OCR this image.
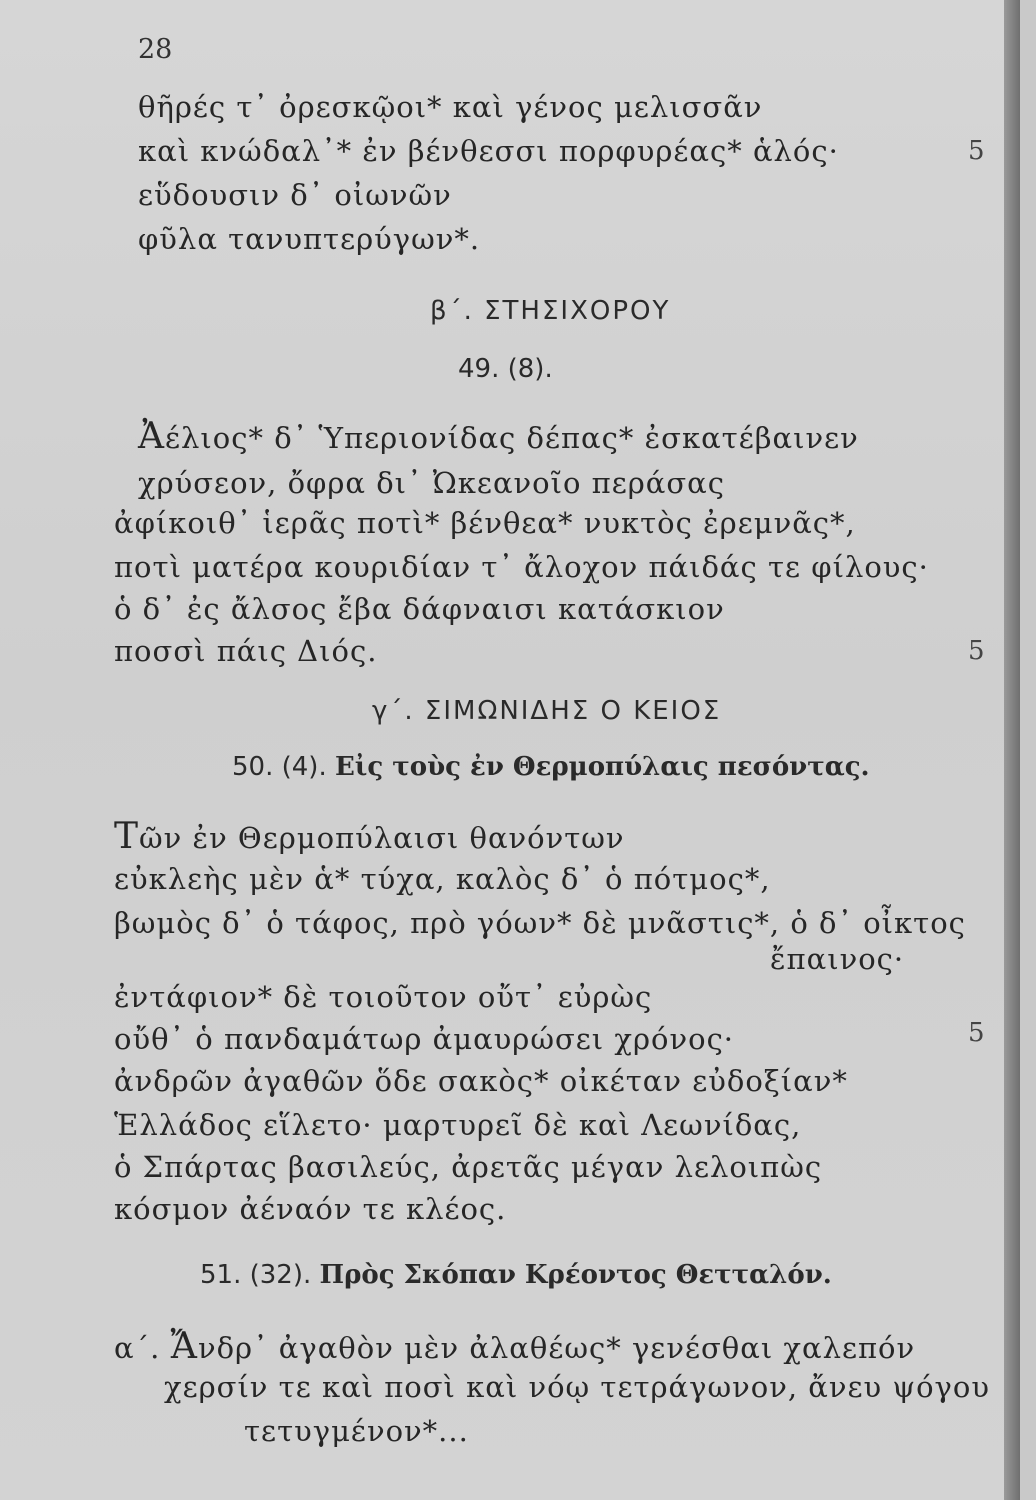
28
θῆρές τ᾽ ὀρεσκῷοι* καὶ γένος μελισσᾶν
καὶ κνώδαλ᾽* ἐν βένθεσσι πορφυρέας* ἁλός·
εὕδουσιν δ᾽ οἰωνῶν
φῦλα τανυπτερύγων*.
5
β΄. ΣΤΗΣΙΧΟΡΟΥ
49. (8).
Ἀέλιος* δ᾽ Ὑπεριονίδας δέπας* ἐσκατέβαινεν
χρύσεον, ὄφρα δι᾽ Ὠκεανοῖο περάσας
ἀφίκοιθ᾽ ἱερᾶς ποτὶ* βένθεα* νυκτὸς ἐρεμνᾶς*,
ποτὶ ματέρα κουριδίαν τ᾽ ἄλοχον πάιδάς τε φίλους·
ὁ δ᾽ ἐς ἄλσος ἔβα δάφναισι κατάσκιον
ποσσὶ πάις Διός.	5
γ΄. ΣΙΜΩΝΙΔΗΣ Ο ΚΕΙΟΣ
50. (4). Εἰς τοὺς ἐν Θερμοπύλαις πεσόντας.
Τῶν ἐν Θερμοπύλαισι θανόντων
εὐκλεὴς μὲν ἁ* τύχα, καλὸς δ᾽ ὁ πότμος*,
βωμὸς δ᾽ ὁ τάφος, πρὸ γόων* δὲ μνᾶστις*, ὁ δ᾽ οἶκτος
ἔπαινος·
ἐντάφιον* δὲ τοιοῦτον οὔτ᾽ εὐρὼς
οὔθ᾽ ὁ πανδαμάτωρ ἀμαυρώσει χρόνος·	5
ἀνδρῶν ἀγαθῶν ὅδε σακὸς* οἰκέταν εὐδοξίαν*
Ἑλλάδος εἵλετο· μαρτυρεῖ δὲ καὶ Λεωνίδας,
ὁ Σπάρτας βασιλεύς, ἀρετᾶς μέγαν λελοιπὼς
κόσμον ἀέναόν τε κλέος.
51. (32). Πρὸς Σκόπαν Κρέοντος Θετταλόν.
α΄. Ἄνδρ᾽ ἀγαθὸν μὲν ἀλαθέως* γενέσθαι χαλεπόν
χερσίν τε καὶ ποσὶ καὶ νόῳ τετράγωνον, ἄνευ ψόγου
τετυγμένον*...
